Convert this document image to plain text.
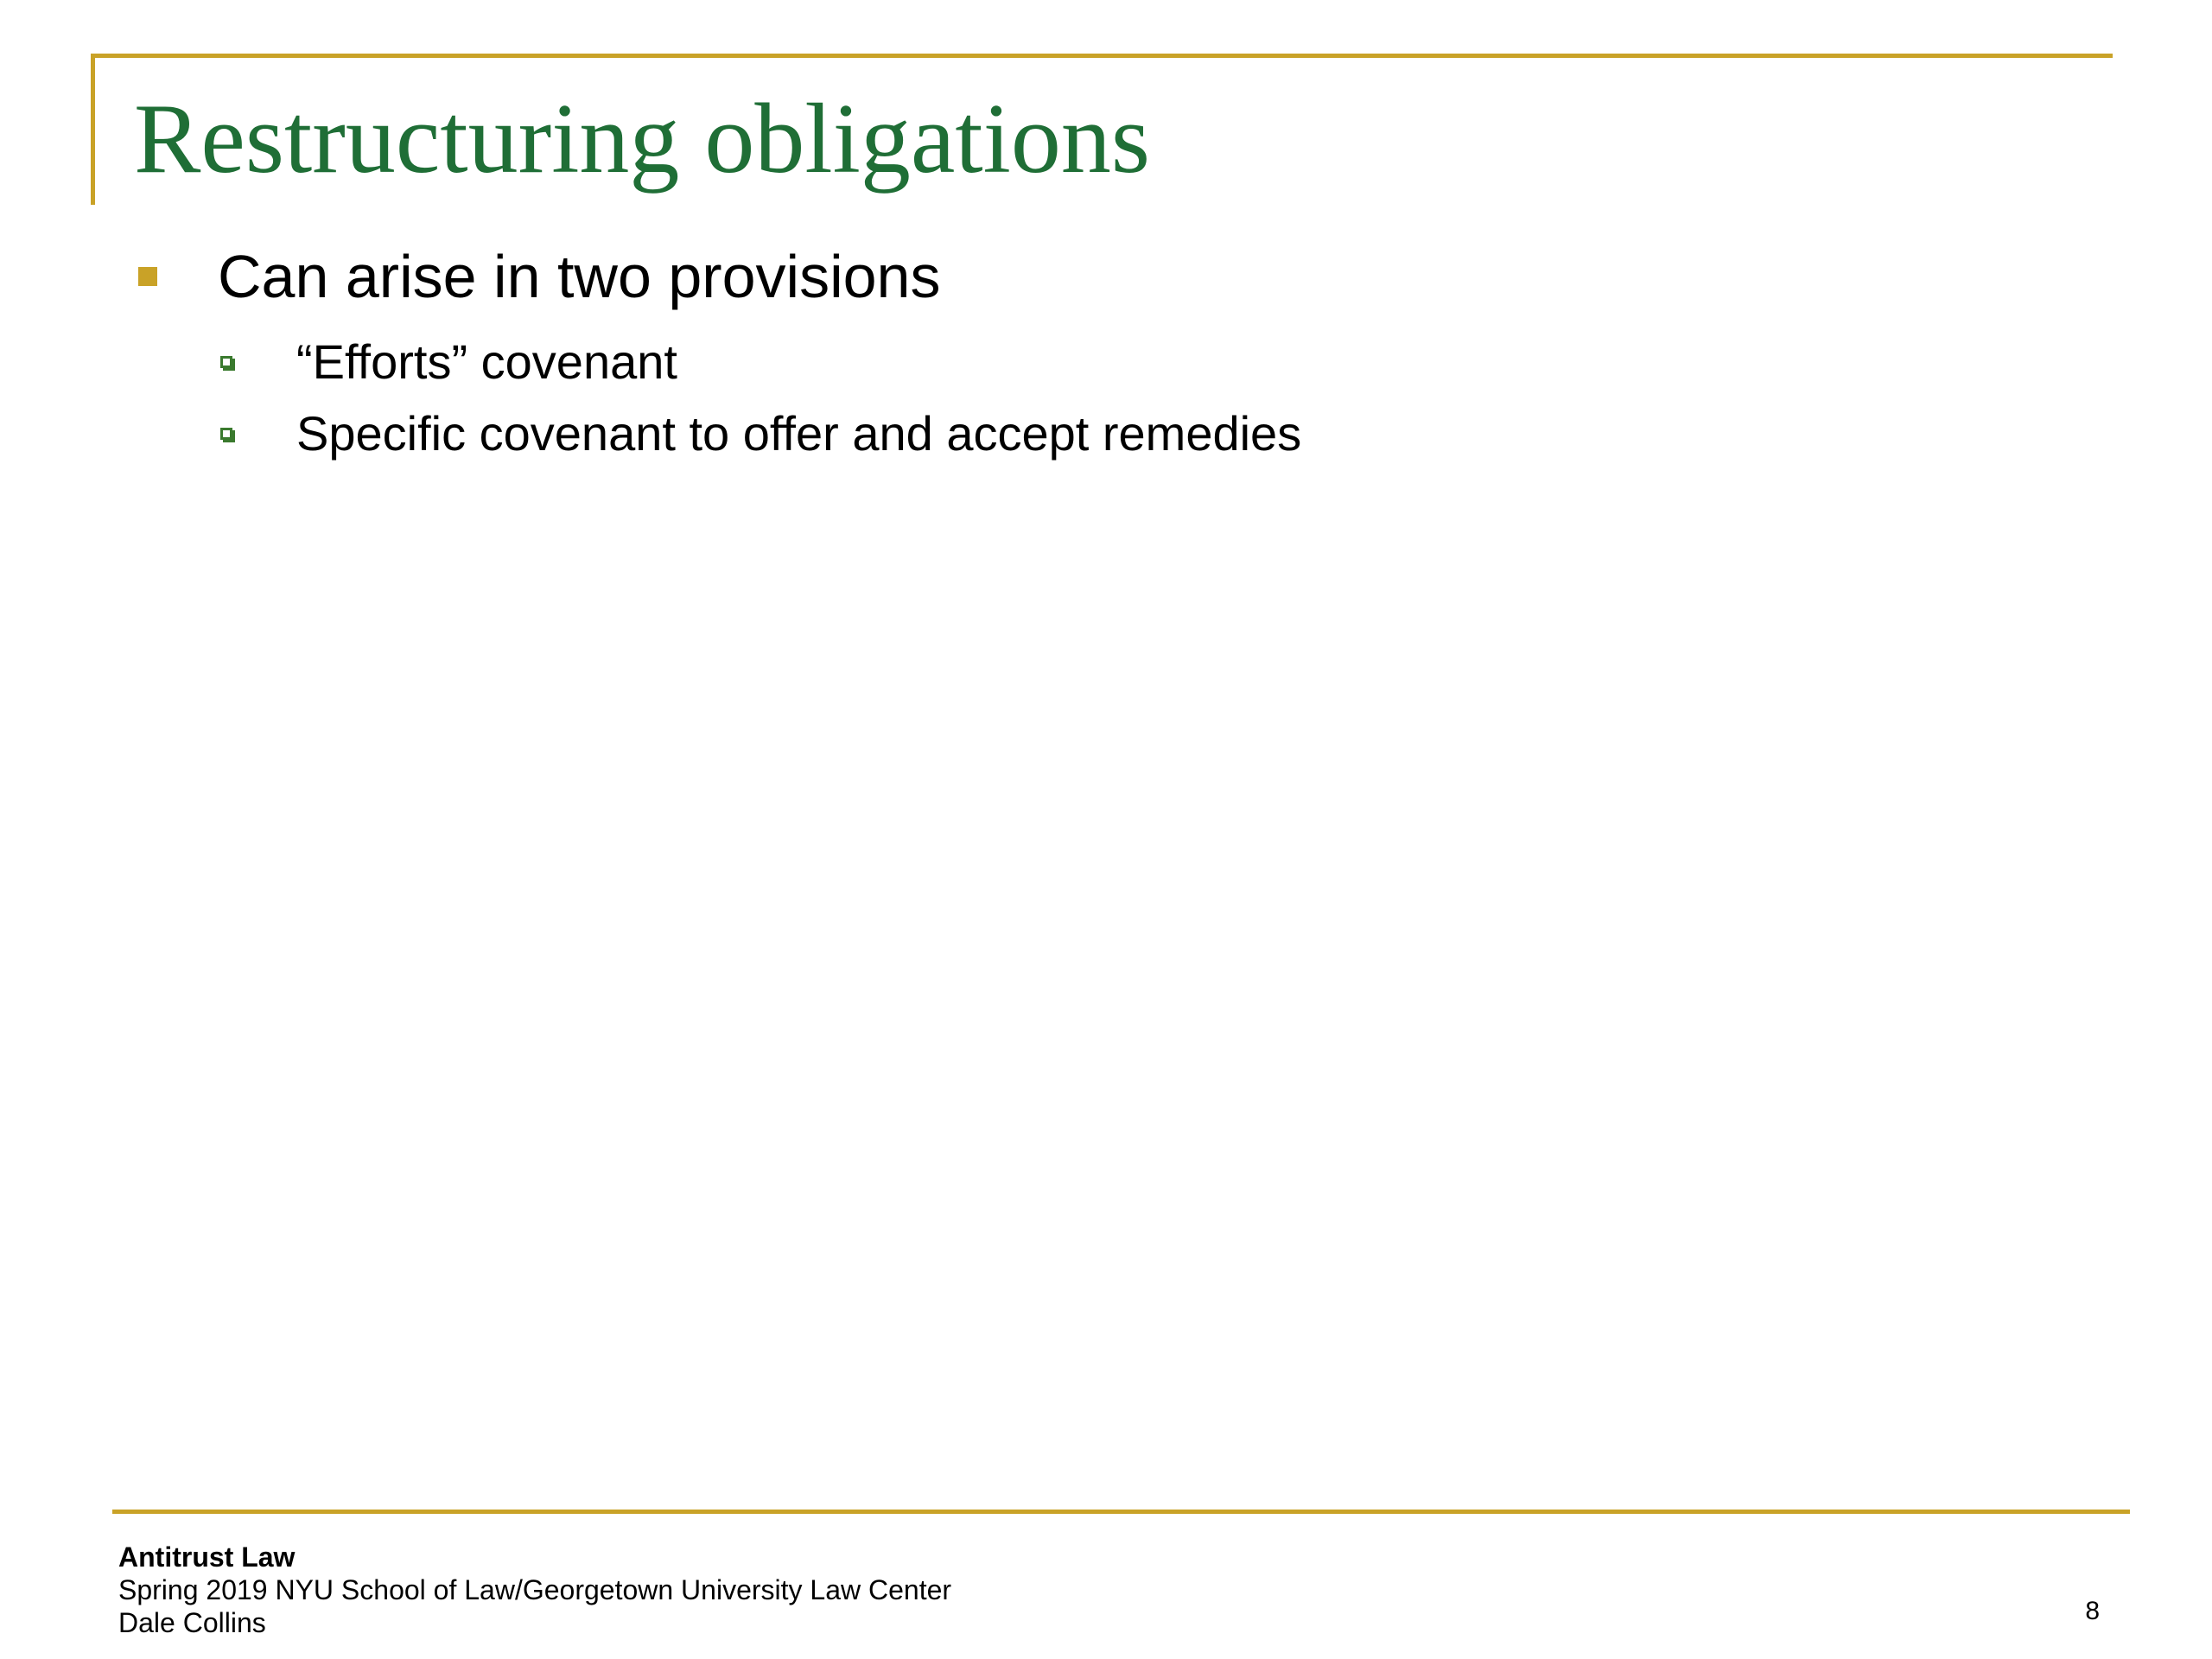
Restructuring obligations
Can arise in two provisions
“Efforts” covenant
Specific covenant to offer and accept remedies
Antitrust Law
Spring 2019 NYU School of Law/Georgetown University Law Center
Dale Collins	8
